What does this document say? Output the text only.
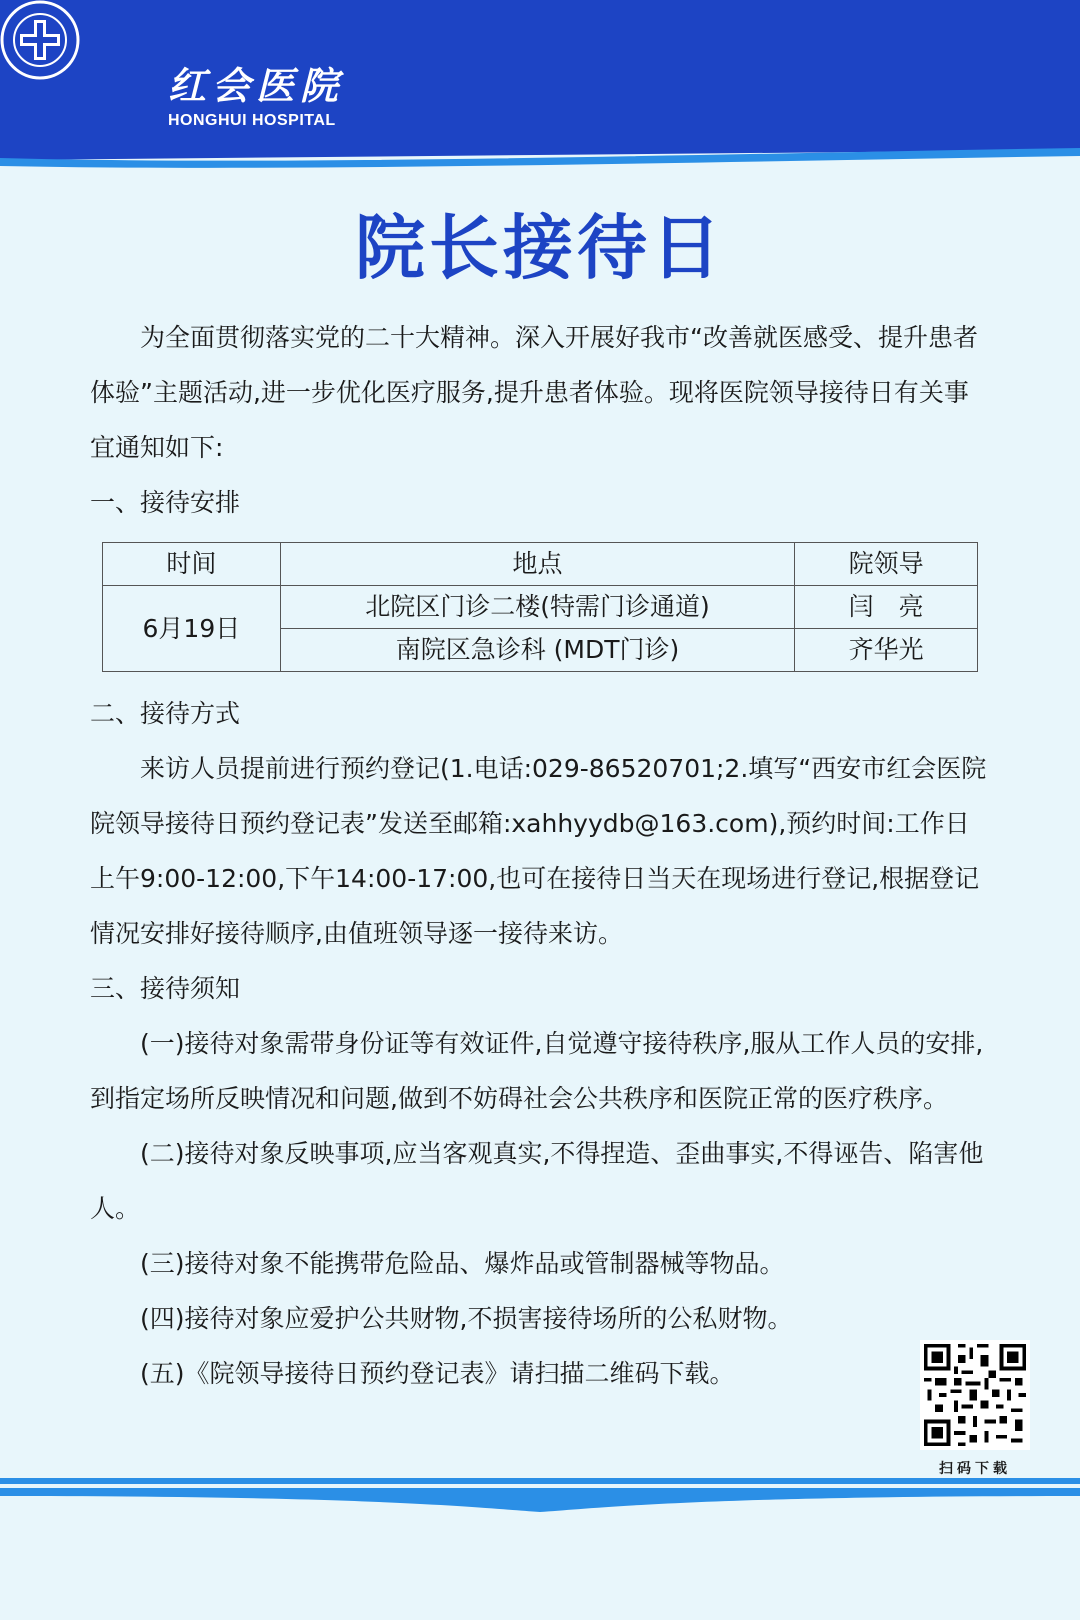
红会医院
HONGHUI HOSPITAL
院长接待日

为全面贯彻落实党的二十大精神。深入开展好我市“改善就医感受、提升患者体验”主题活动,进一步优化医疗服务,提升患者体验。现将医院领导接待日有关事宜通知如下:

一、接待安排

时间	地点	院领导
6月19日	北院区门诊二楼(特需门诊通道)	闫　亮
	南院区急诊科 (MDT门诊)	齐华光

二、接待方式

来访人员提前进行预约登记(1.电话:029-86520701;2.填写“西安市红会医院院领导接待日预约登记表”发送至邮箱:xahhyydb@163.com),预约时间:工作日上午9:00-12:00,下午14:00-17:00,也可在接待日当天在现场进行登记,根据登记情况安排好接待顺序,由值班领导逐一接待来访。

三、接待须知

(一)接待对象需带身份证等有效证件,自觉遵守接待秩序,服从工作人员的安排,到指定场所反映情况和问题,做到不妨碍社会公共秩序和医院正常的医疗秩序。

(二)接待对象反映事项,应当客观真实,不得捏造、歪曲事实,不得诬告、陷害他人。

(三)接待对象不能携带危险品、爆炸品或管制器械等物品。

(四)接待对象应爱护公共财物,不损害接待场所的公私财物。

(五)《院领导接待日预约登记表》请扫描二维码下载。

扫码下载
